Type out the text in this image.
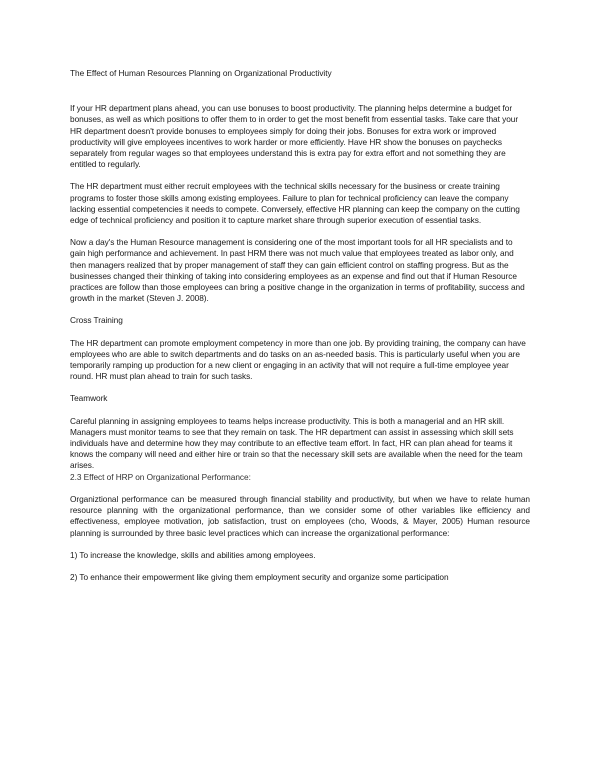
The Effect of Human Resources Planning on Organizational Productivity

If your HR department plans ahead, you can use bonuses to boost productivity. The planning helps determine a budget for bonuses, as well as which positions to offer them to in order to get the most benefit from essential tasks. Take care that your HR department doesn't provide bonuses to employees simply for doing their jobs. Bonuses for extra work or improved productivity will give employees incentives to work harder or more efficiently. Have HR show the bonuses on paychecks separately from regular wages so that employees understand this is extra pay for extra effort and not something they are entitled to regularly.

The HR department must either recruit employees with the technical skills necessary for the business or create training programs to foster those skills among existing employees. Failure to plan for technical proficiency can leave the company lacking essential competencies it needs to compete. Conversely, effective HR planning can keep the company on the cutting edge of technical proficiency and position it to capture market share through superior execution of essential tasks.

Now a day's the Human Resource management is considering one of the most important tools for all HR specialists and to gain high performance and achievement. In past HRM there was not much value that employees treated as labor only, and then managers realized that by proper management of staff they can gain efficient control on staffing progress. But as the businesses changed their thinking of taking into considering employees as an expense and find out that if Human Resource practices are follow than those employees can bring a positive change in the organization in terms of profitability, success and growth in the market (Steven J. 2008).

Cross Training

The HR department can promote employment competency in more than one job. By providing training, the company can have employees who are able to switch departments and do tasks on an as-needed basis. This is particularly useful when you are temporarily ramping up production for a new client or engaging in an activity that will not require a full-time employee year round. HR must plan ahead to train for such tasks.

Teamwork

Careful planning in assigning employees to teams helps increase productivity. This is both a managerial and an HR skill. Managers must monitor teams to see that they remain on task. The HR department can assist in assessing which skill sets individuals have and determine how they may contribute to an effective team effort. In fact, HR can plan ahead for teams it knows the company will need and either hire or train so that the necessary skill sets are available when the need for the team arises.

2.3 Effect of HRP on Organizational Performance:

Organiztional performance can be measured through financial stability and productivity, but when we have to relate human resource planning with the organizational performance, than we consider some of other variables like efficiency and effectiveness, employee motivation, job satisfaction, trust on employees (cho, Woods, & Mayer, 2005) Human resource planning is surrounded by three basic level practices which can increase the organizational performance:

1) To increase the knowledge, skills and abilities among employees.

2) To enhance their empowerment like giving them employment security and organize some participation
